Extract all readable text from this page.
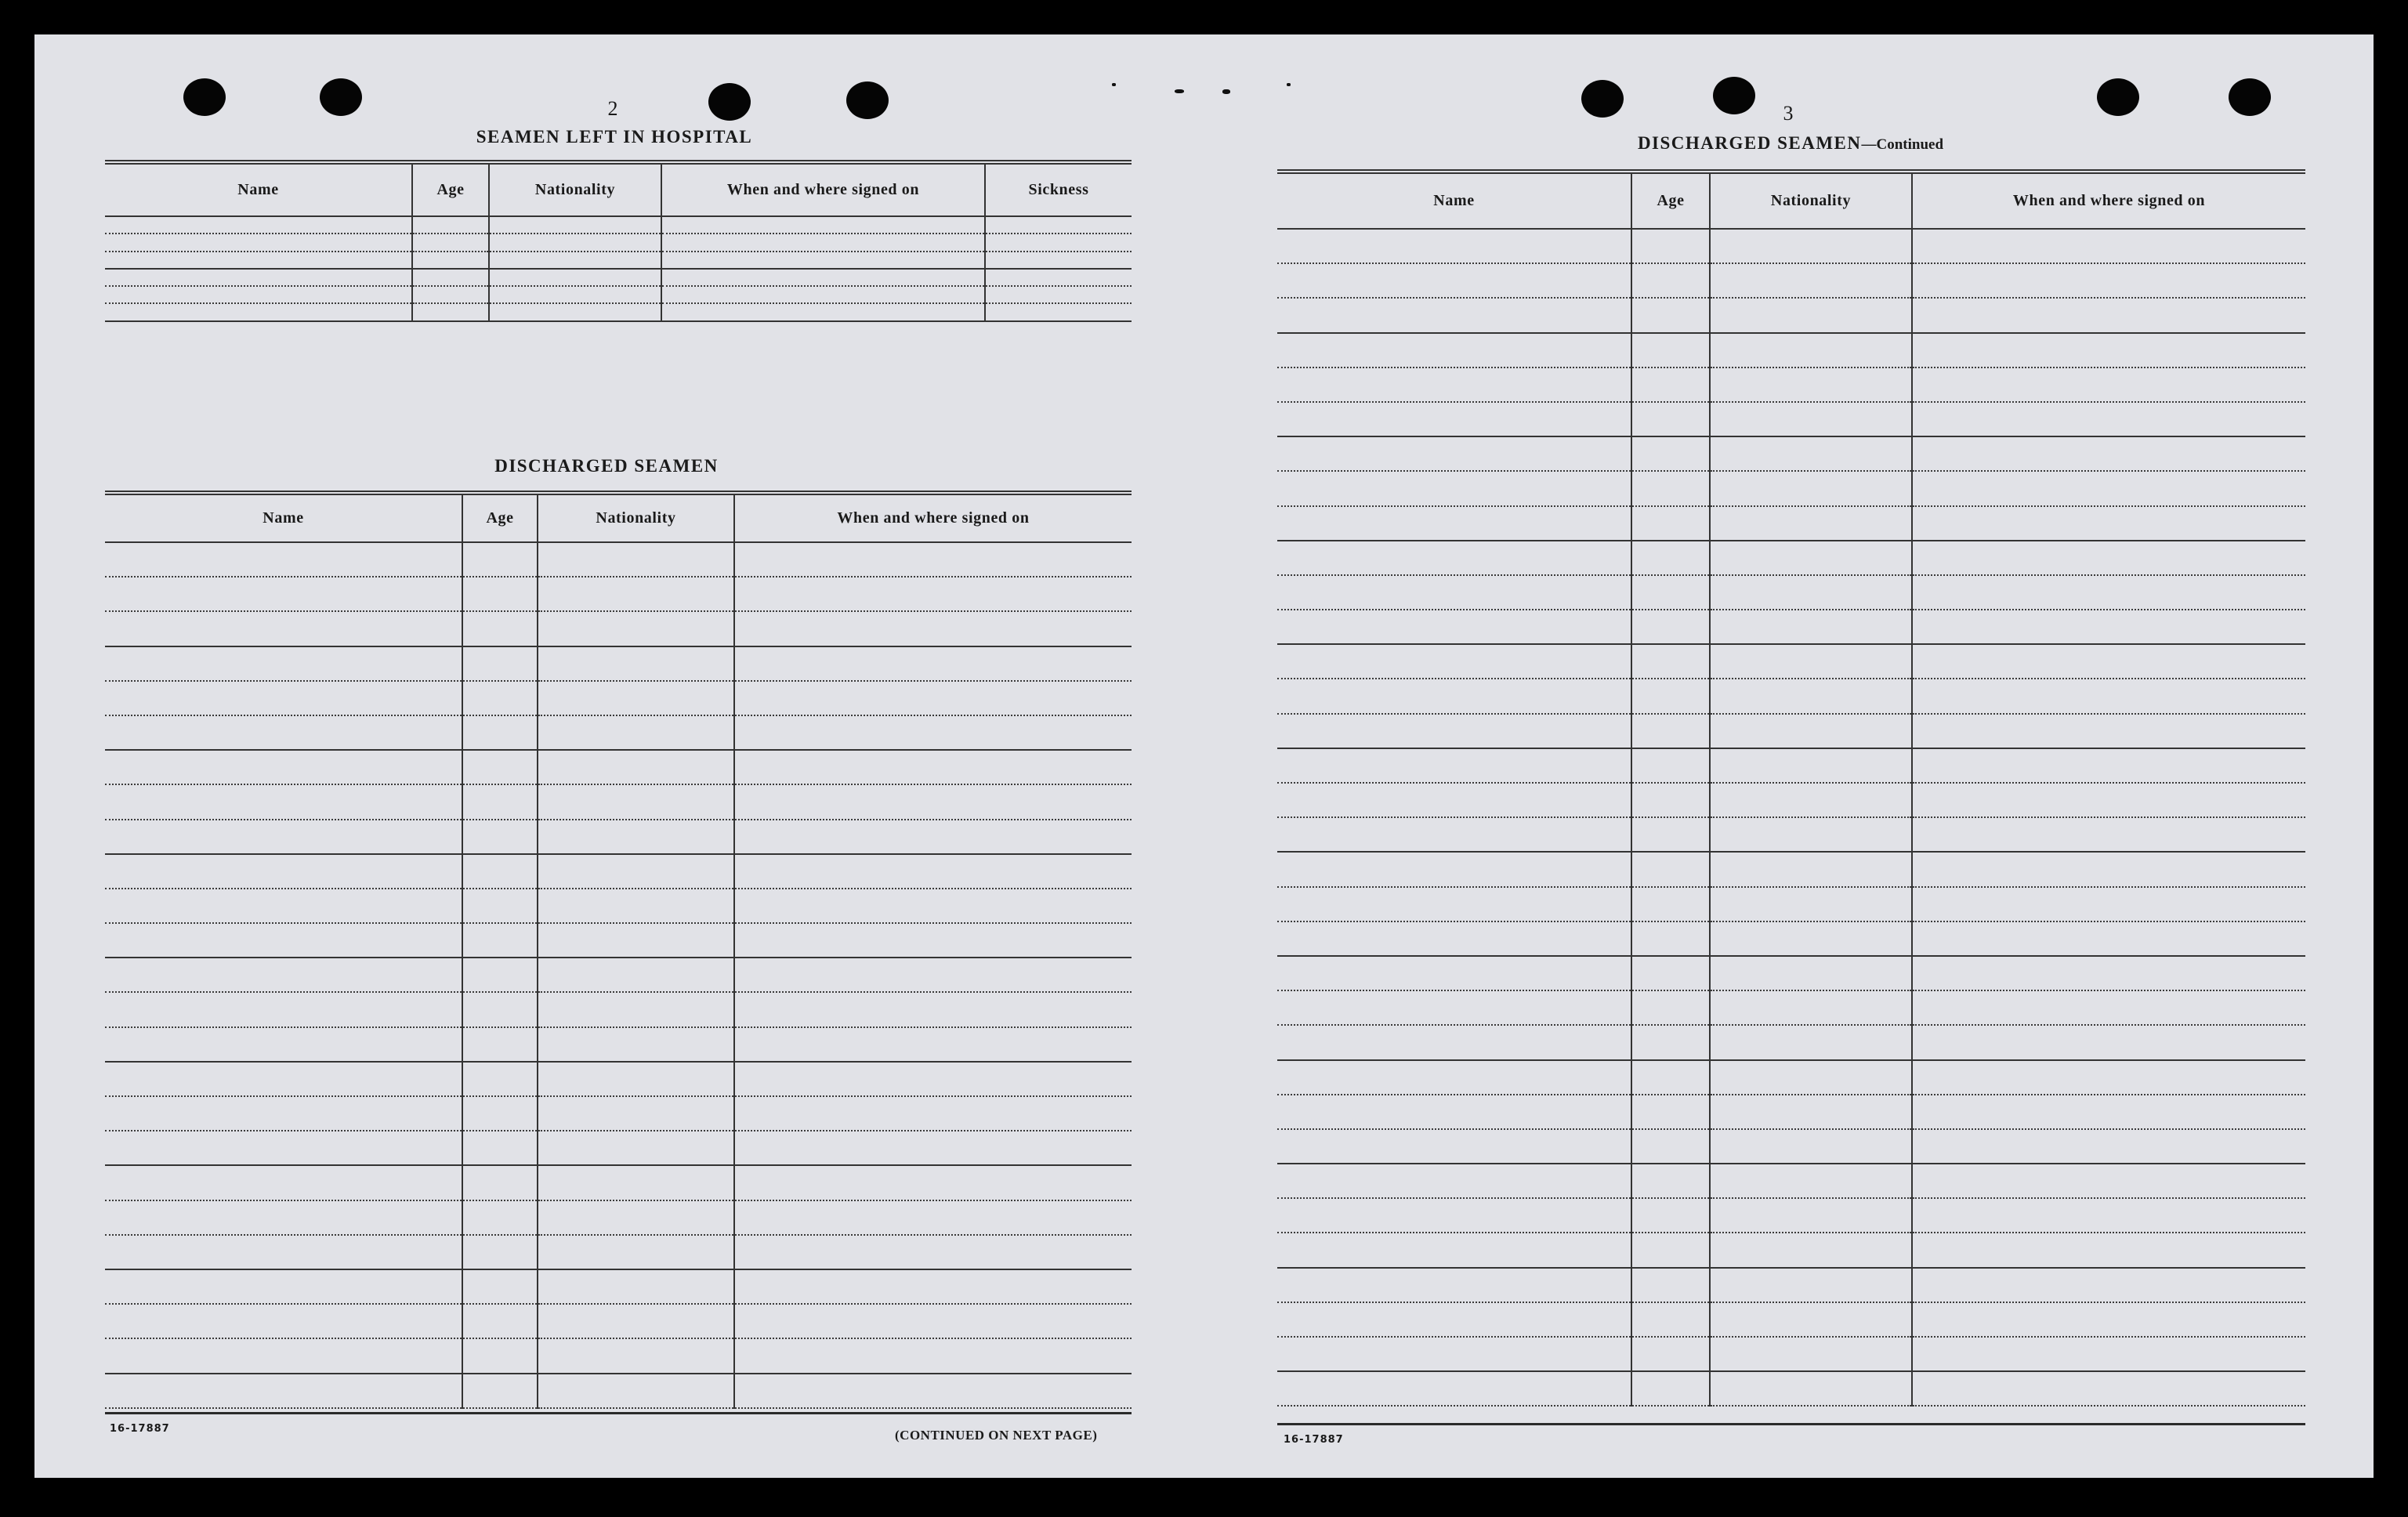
2
SEAMEN LEFT IN HOSPITAL
Name	Age	Nationality	When and where signed on	Sickness

DISCHARGED SEAMEN
Name	Age	Nationality	When and where signed on

16-17887	(CONTINUED ON NEXT PAGE)
3
DISCHARGED SEAMEN—Continued
Name	Age	Nationality	When and where signed on

16-17887
